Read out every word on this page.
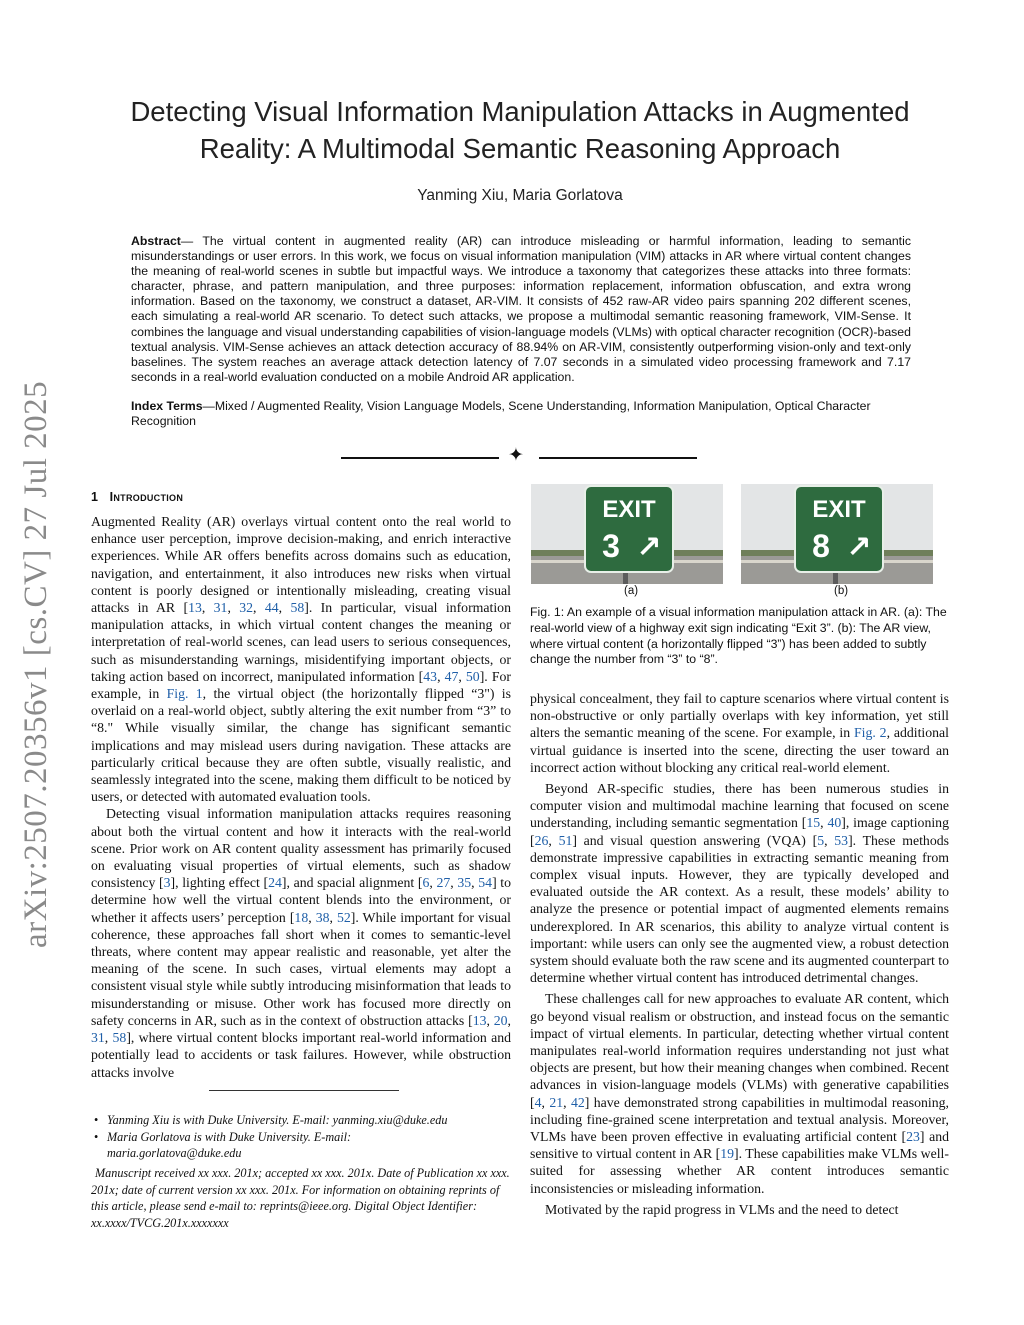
arXiv:2507.20356v1 [cs.CV] 27 Jul 2025
Detecting Visual Information Manipulation Attacks in Augmented
Reality: A Multimodal Semantic Reasoning Approach
Yanming Xiu, Maria Gorlatova
Abstract— The virtual content in augmented reality (AR) can introduce misleading or harmful information, leading to semantic misunderstandings or user errors. In this work, we focus on visual information manipulation (VIM) attacks in AR where virtual content changes the meaning of real-world scenes in subtle but impactful ways. We introduce a taxonomy that categorizes these attacks into three formats: character, phrase, and pattern manipulation, and three purposes: information replacement, information obfuscation, and extra wrong information. Based on the taxonomy, we construct a dataset, AR-VIM. It consists of 452 raw-AR video pairs spanning 202 different scenes, each simulating a real-world AR scenario. To detect such attacks, we propose a multimodal semantic reasoning framework, VIM-Sense. It combines the language and visual understanding capabilities of vision-language models (VLMs) with optical character recognition (OCR)-based textual analysis. VIM-Sense achieves an attack detection accuracy of 88.94% on AR-VIM, consistently outperforming vision-only and text-only baselines. The system reaches an average attack detection latency of 7.07 seconds in a simulated video processing framework and 7.17 seconds in a real-world evaluation conducted on a mobile Android AR application.
Index Terms—Mixed / Augmented Reality, Vision Language Models, Scene Understanding, Information Manipulation, Optical Character Recognition
✦
1 Introduction

Augmented Reality (AR) overlays virtual content onto the real world to enhance user perception, improve decision-making, and enrich interactive experiences. While AR offers benefits across domains such as education, navigation, and entertainment, it also introduces new risks when virtual content is poorly designed or intentionally misleading, creating visual attacks in AR [13, 31, 32, 44, 58]. In particular, visual information manipulation attacks, in which virtual content changes the meaning or interpretation of real-world scenes, can lead users to serious consequences, such as misunderstanding warnings, misidentifying important objects, or taking action based on incorrect, manipulated information [43, 47, 50]. For example, in Fig. 1, the virtual object (the horizontally flipped “3") is overlaid on a real-world object, subtly altering the exit number from “3” to “8." While visually similar, the change has significant semantic implications and may mislead users during navigation. These attacks are particularly critical because they are often subtle, visually realistic, and seamlessly integrated into the scene, making them difficult to be noticed by users, or detected with automated evaluation tools.

Detecting visual information manipulation attacks requires reasoning about both the virtual content and how it interacts with the real-world scene. Prior work on AR content quality assessment has primarily focused on evaluating visual properties of virtual elements, such as shadow consistency [3], lighting effect [24], and spacial alignment [6, 27, 35, 54] to determine how well the virtual content blends into the environment, or whether it affects users’ perception [18, 38, 52]. While important for visual coherence, these approaches fall short when it comes to semantic-level threats, where content may appear realistic and reasonable, yet alter the meaning of the scene. In such cases, virtual elements may adopt a consistent visual style while subtly introducing misinformation that leads to misunderstanding or misuse. Other work has focused more directly on safety concerns in AR, such as in the context of obstruction attacks [13, 20, 31, 58], where virtual content blocks important real-world information and potentially lead to accidents or task failures. However, while obstruction attacks involve

• Yanming Xiu is with Duke University. E-mail: yanming.xiu@duke.edu
• Maria Gorlatova is with Duke University. E-mail:
maria.gorlatova@duke.edu
Manuscript received xx xxx. 201x; accepted xx xxx. 201x. Date of Publication xx xxx. 201x; date of current version xx xxx. 201x. For information on obtaining reprints of this article, please send e-mail to: reprints@ieee.org. Digital Object Identifier: xx.xxxx/TVCG.201x.xxxxxxx
EXIT
3 ↗
EXIT
8 ↗
(a)	(b)
Fig. 1: An example of a visual information manipulation attack in AR. (a): The real-world view of a highway exit sign indicating “Exit 3”. (b): The AR view, where virtual content (a horizontally flipped “3”) has been added to subtly change the number from “3” to “8”.

physical concealment, they fail to capture scenarios where virtual content is non-obstructive or only partially overlaps with key information, yet still alters the semantic meaning of the scene. For example, in Fig. 2, additional virtual guidance is inserted into the scene, directing the user toward an incorrect action without blocking any critical real-world element.

Beyond AR-specific studies, there has been numerous studies in computer vision and multimodal machine learning that focused on scene understanding, including semantic segmentation [15, 40], image captioning [26, 51] and visual question answering (VQA) [5, 53]. These methods demonstrate impressive capabilities in extracting semantic meaning from complex visual inputs. However, they are typically developed and evaluated outside the AR context. As a result, these models’ ability to analyze the presence or potential impact of augmented elements remains underexplored. In AR scenarios, this ability to analyze virtual content is important: while users can only see the augmented view, a robust detection system should evaluate both the raw scene and its augmented counterpart to determine whether virtual content has introduced detrimental changes.

These challenges call for new approaches to evaluate AR content, which go beyond visual realism or obstruction, and instead focus on the semantic impact of virtual elements. In particular, detecting whether virtual content manipulates real-world information requires understanding not just what objects are present, but how their meaning changes when combined. Recent advances in vision-language models (VLMs) with generative capabilities [4, 21, 42] have demonstrated strong capabilities in multimodal reasoning, including fine-grained scene interpretation and textual analysis. Moreover, VLMs have been proven effective in evaluating artificial content [23] and sensitive to virtual content in AR [19]. These capabilities make VLMs well-suited for assessing whether AR content introduces semantic inconsistencies or misleading information.

Motivated by the rapid progress in VLMs and the need to detect
